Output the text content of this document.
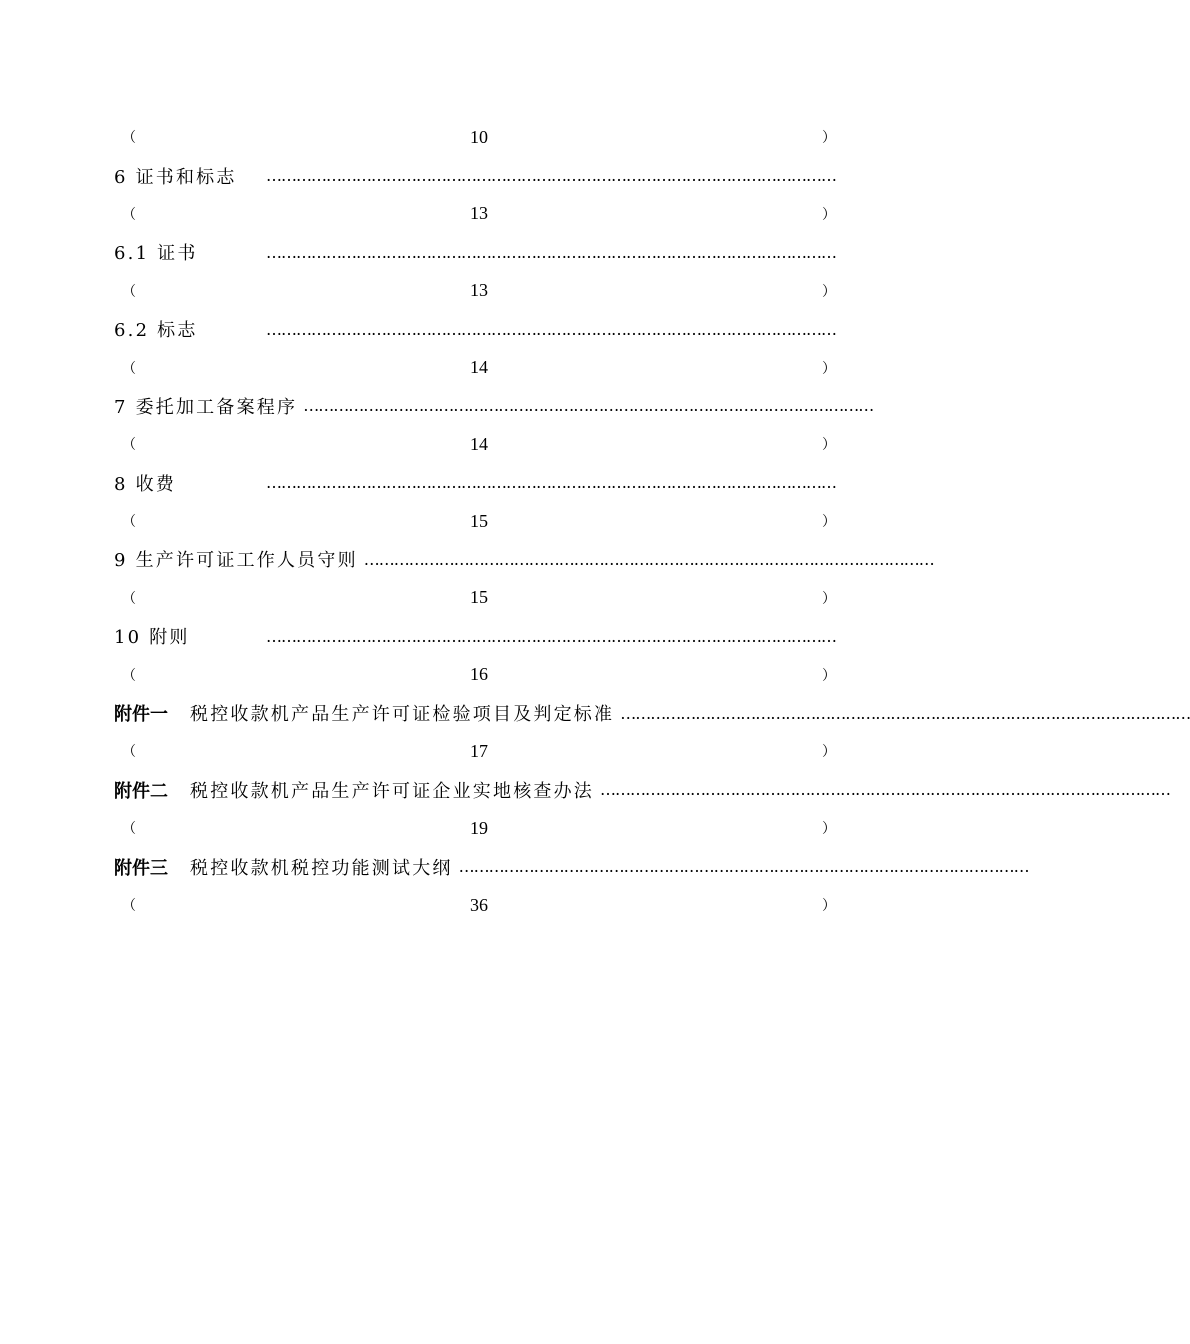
（	10	）
6 证书和标志	……………………………………………………………………………………………………
（	13	）
6.1 证书	……………………………………………………………………………………………………
（	13	）
6.2 标志	……………………………………………………………………………………………………
（	14	）
7 委托加工备案程序 ……………………………………………………………………………………………………
（	14	）
8 收费	……………………………………………………………………………………………………
（	15	）
9 生产许可证工作人员守则 ……………………………………………………………………………………………………
（	15	）
10 附则	……………………………………………………………………………………………………
（	16	）
附件一 税控收款机产品生产许可证检验项目及判定标准 ……………………………………………………………………………………………………
（	17	）
附件二 税控收款机产品生产许可证企业实地核查办法 ……………………………………………………………………………………………………
（	19	）
附件三 税控收款机税控功能测试大纲 ……………………………………………………………………………………………………
（	36	）
